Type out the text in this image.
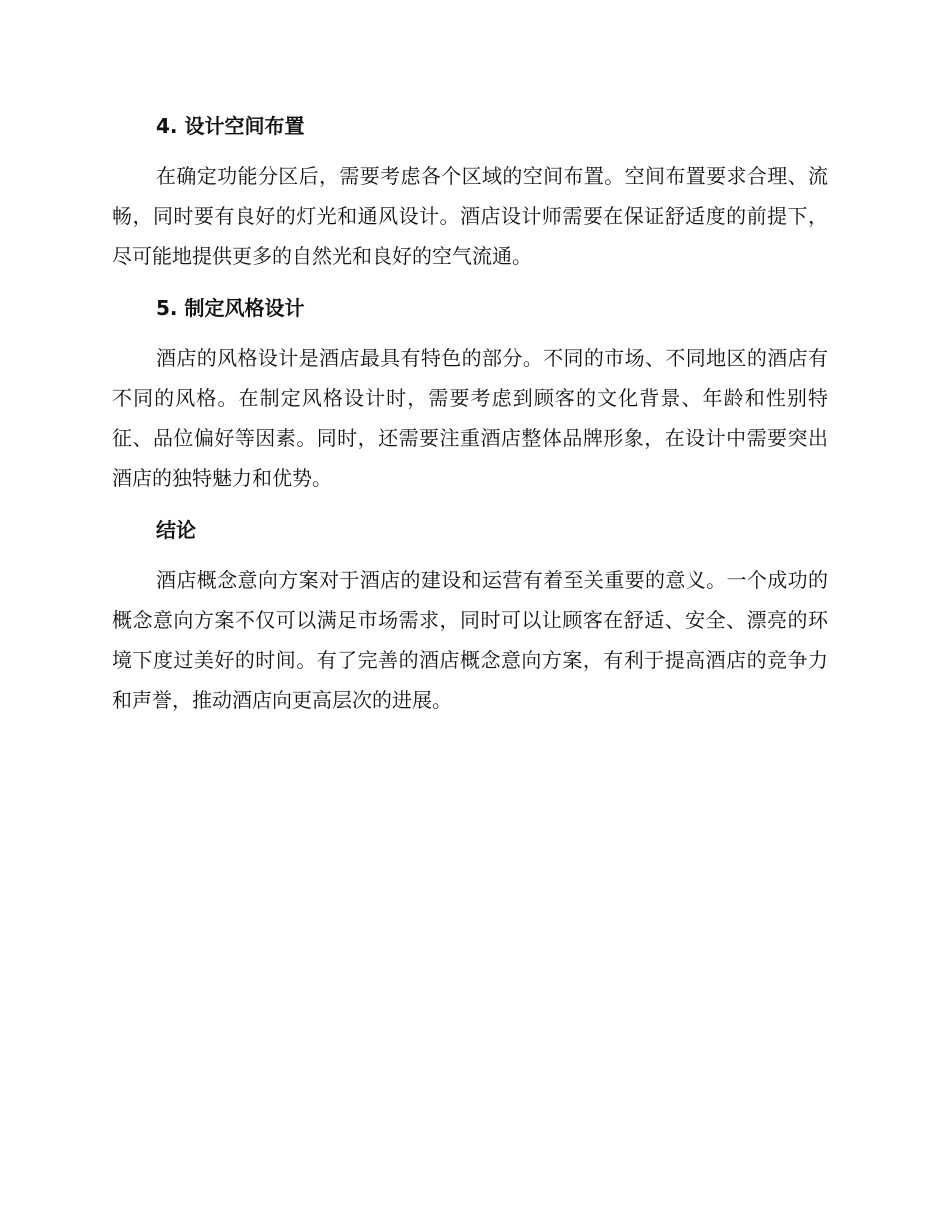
4. 设计空间布置

在确定功能分区后，需要考虑各个区域的空间布置。空间布置要求合理、流畅，同时要有良好的灯光和通风设计。酒店设计师需要在保证舒适度的前提下，尽可能地提供更多的自然光和良好的空气流通。

5. 制定风格设计

酒店的风格设计是酒店最具有特色的部分。不同的市场、不同地区的酒店有不同的风格。在制定风格设计时，需要考虑到顾客的文化背景、年龄和性别特征、品位偏好等因素。同时，还需要注重酒店整体品牌形象，在设计中需要突出酒店的独特魅力和优势。

结论

酒店概念意向方案对于酒店的建设和运营有着至关重要的意义。一个成功的概念意向方案不仅可以满足市场需求，同时可以让顾客在舒适、安全、漂亮的环境下度过美好的时间。有了完善的酒店概念意向方案，有利于提高酒店的竞争力和声誉，推动酒店向更高层次的进展。
